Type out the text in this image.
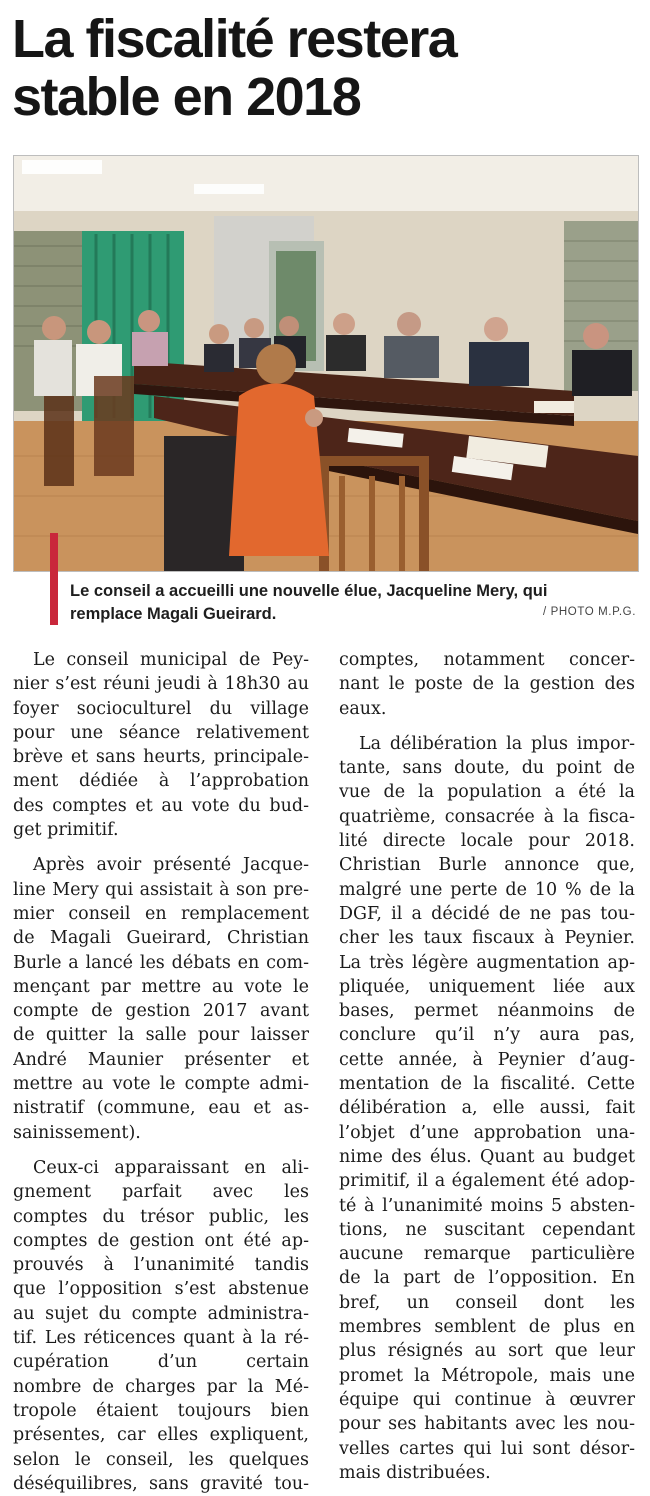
La fiscalité restera
stable en 2018

Le conseil a accueilli une nouvelle élue, Jacqueline Mery, qui
remplace Magali Gueirard.	/ PHOTO M.P.G.
Le conseil municipal de Pey-
nier s’est réuni jeudi à 18h30 au
foyer socioculturel du village
pour une séance relativement
brève et sans heurts, principale-
ment dédiée à l’approbation
des comptes et au vote du bud-
get primitif.
Après avoir présenté Jacque-
line Mery qui assistait à son pre-
mier conseil en remplacement
de Magali Gueirard, Christian
Burle a lancé les débats en com-
mençant par mettre au vote le
compte de gestion 2017 avant
de quitter la salle pour laisser
André Maunier présenter et
mettre au vote le compte admi-
nistratif (commune, eau et as-
sainissement).
Ceux-ci apparaissant en ali-
gnement parfait avec les
comptes du trésor public, les
comptes de gestion ont été ap-
prouvés à l’unanimité tandis
que l’opposition s’est abstenue
au sujet du compte administra-
tif. Les réticences quant à la ré-
cupération d’un certain
nombre de charges par la Mé-
tropole étaient toujours bien
présentes, car elles expliquent,
selon le conseil, les quelques
déséquilibres, sans gravité tou-
comptes, notamment concer-
nant le poste de la gestion des
eaux.
La délibération la plus impor-
tante, sans doute, du point de
vue de la population a été la
quatrième, consacrée à la fisca-
lité directe locale pour 2018.
Christian Burle annonce que,
malgré une perte de 10 % de la
DGF, il a décidé de ne pas tou-
cher les taux fiscaux à Peynier.
La très légère augmentation ap-
pliquée, uniquement liée aux
bases, permet néanmoins de
conclure qu’il n’y aura pas,
cette année, à Peynier d’aug-
mentation de la fiscalité. Cette
délibération a, elle aussi, fait
l’objet d’une approbation una-
nime des élus. Quant au budget
primitif, il a également été adop-
té à l’unanimité moins 5 absten-
tions, ne suscitant cependant
aucune remarque particulière
de la part de l’opposition. En
bref, un conseil dont les
membres semblent de plus en
plus résignés au sort que leur
promet la Métropole, mais une
équipe qui continue à œuvrer
pour ses habitants avec les nou-
velles cartes qui lui sont désor-
mais distribuées.
